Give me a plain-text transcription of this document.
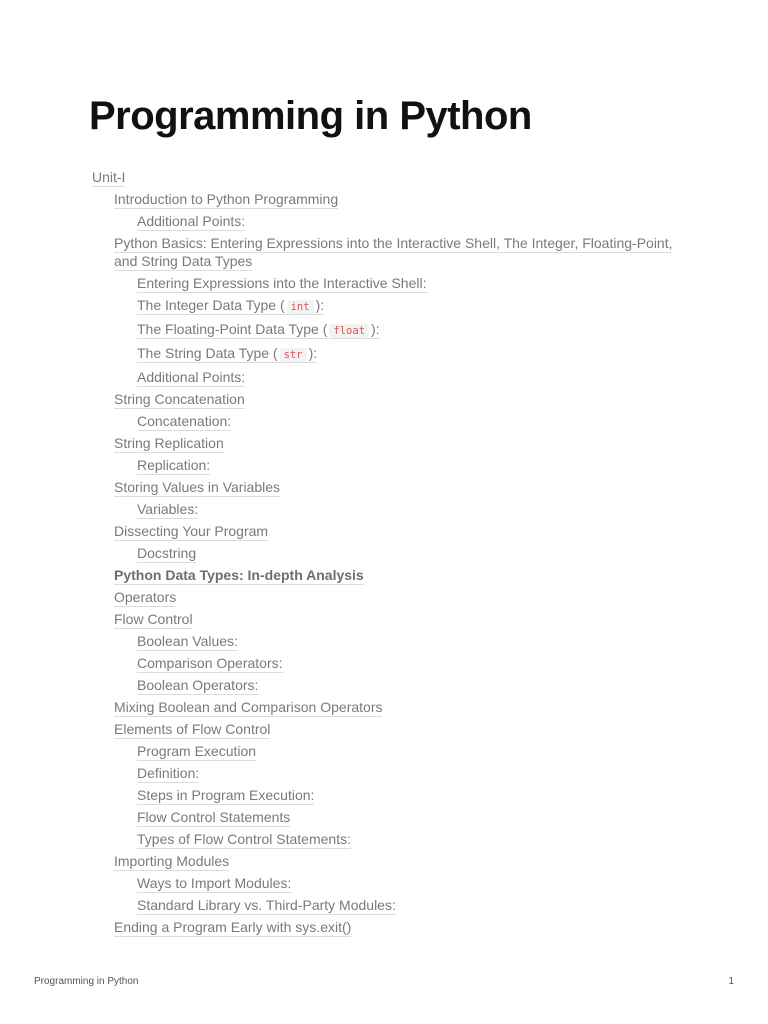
Programming in Python
Unit-I
Introduction to Python Programming
Additional Points:
Python Basics: Entering Expressions into the Interactive Shell, The Integer, Floating-Point, and String Data Types
Entering Expressions into the Interactive Shell:
The Integer Data Type ( int ):
The Floating-Point Data Type ( float ):
The String Data Type ( str ):
Additional Points:
String Concatenation
Concatenation:
String Replication
Replication:
Storing Values in Variables
Variables:
Dissecting Your Program
Docstring
Python Data Types: In-depth Analysis
Operators
Flow Control
Boolean Values:
Comparison Operators:
Boolean Operators:
Mixing Boolean and Comparison Operators
Elements of Flow Control
Program Execution
Definition:
Steps in Program Execution:
Flow Control Statements
Types of Flow Control Statements:
Importing Modules
Ways to Import Modules:
Standard Library vs. Third-Party Modules:
Ending a Program Early with sys.exit()
Programming in Python	1
